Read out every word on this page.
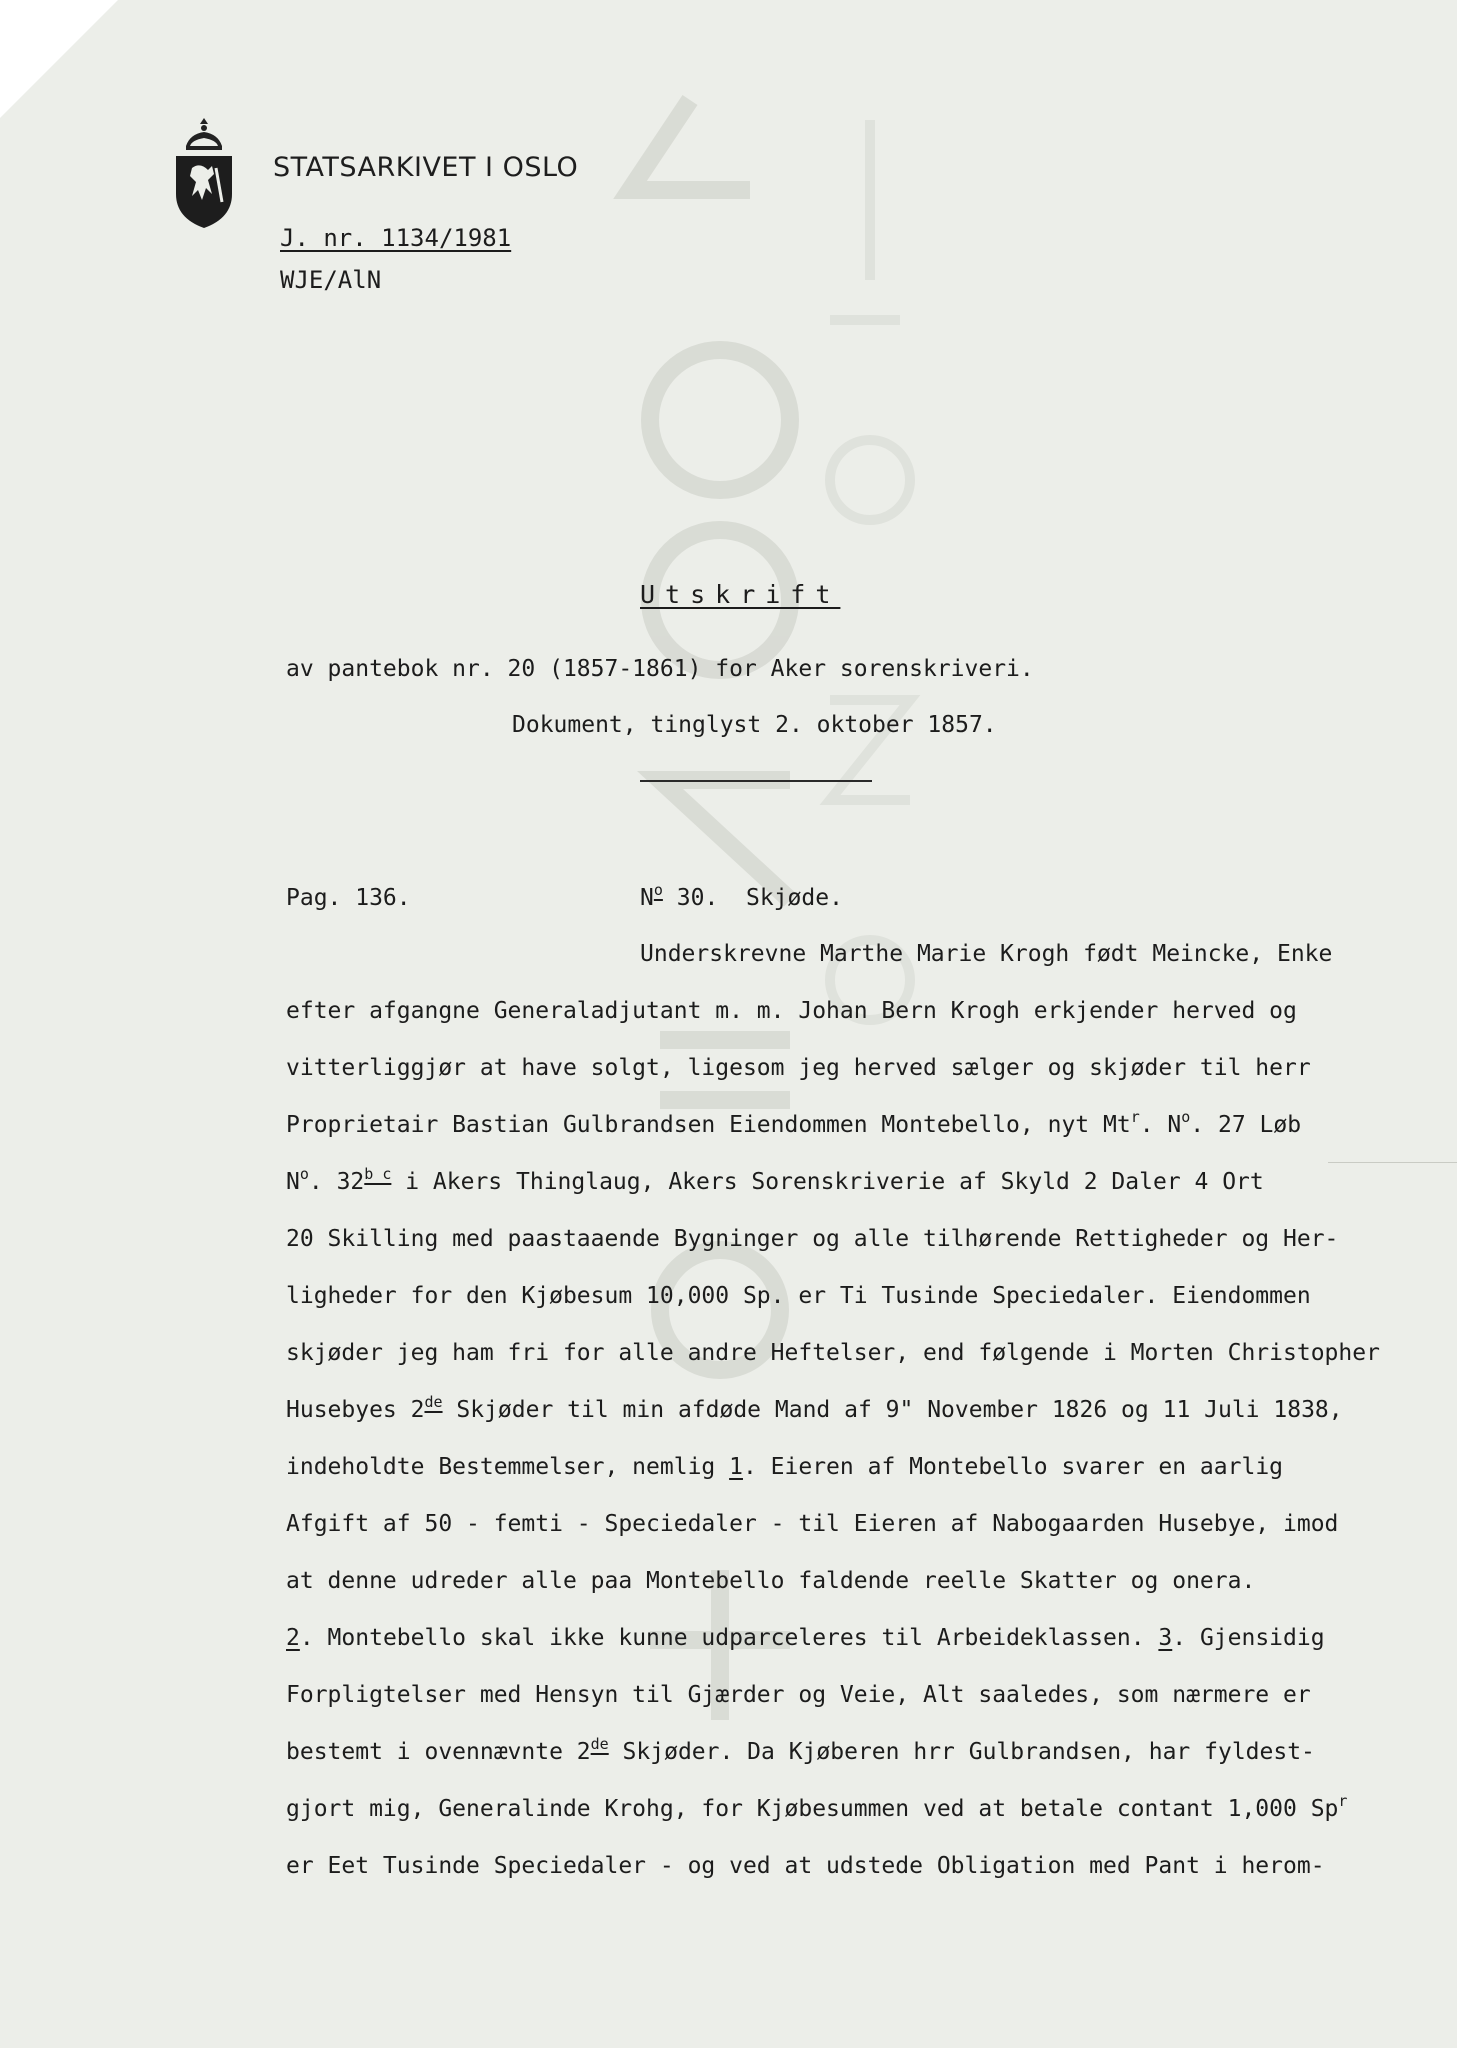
STATSARKIVET I OSLO
J. nr. 1134/1981
WJE/AlN
Utskrift
av pantebok nr. 20 (1857-1861) for Aker sorenskriveri.
Dokument, tinglyst 2. oktober 1857.
Pag. 136.	$N^o$ 30. Skjøde.
Underskrevne Marthe Marie Krogh født Meincke, Enke
efter afgangne Generaladjutant m. m. Johan Bern Krogh erkjender herved og
vitterliggjør at have solgt, ligesom jeg herved sælger og skjøder til herr
Proprietair Bastian Gulbrandsen Eiendommen Montebello, nyt Mt$^r$. $N^o$. 27 Løb
$N^o$. $32^{b c}$ i Akers Thinglaug, Akers Sorenskriverie af Skyld 2 Daler 4 Ort
20 Skilling med paastaaende Bygninger og alle tilhørende Rettigheder og Her-
ligheder for den Kjøbesum 10,000 Sp. er Ti Tusinde Speciedaler. Eiendommen
skjøder jeg ham fri for alle andre Heftelser, end følgende i Morten Christopher
Husebyes 2de Skjøder til min afdøde Mand af 9" November 1826 og 11 Juli 1838,
indeholdte Bestemmelser, nemlig 1. Eieren af Montebello svarer en aarlig
Afgift af 50 - femti - Speciedaler - til Eieren af Nabogaarden Husebye, imod
at denne udreder alle paa Montebello faldende reelle Skatter og onera.
2. Montebello skal ikke kunne udparceleres til Arbeideklassen. 3. Gjensidig
Forpligtelser med Hensyn til Gjærder og Veie, Alt saaledes, som nærmere er
bestemt i ovennævnte 2de Skjøder. Da Kjøberen hrr Gulbrandsen, har fyldest-
gjort mig, Generalinde Krohg, for Kjøbesummen ved at betale contant 1,000 Sp$^r$
er Eet Tusinde Speciedaler - og ved at udstede Obligation med Pant i herom-
